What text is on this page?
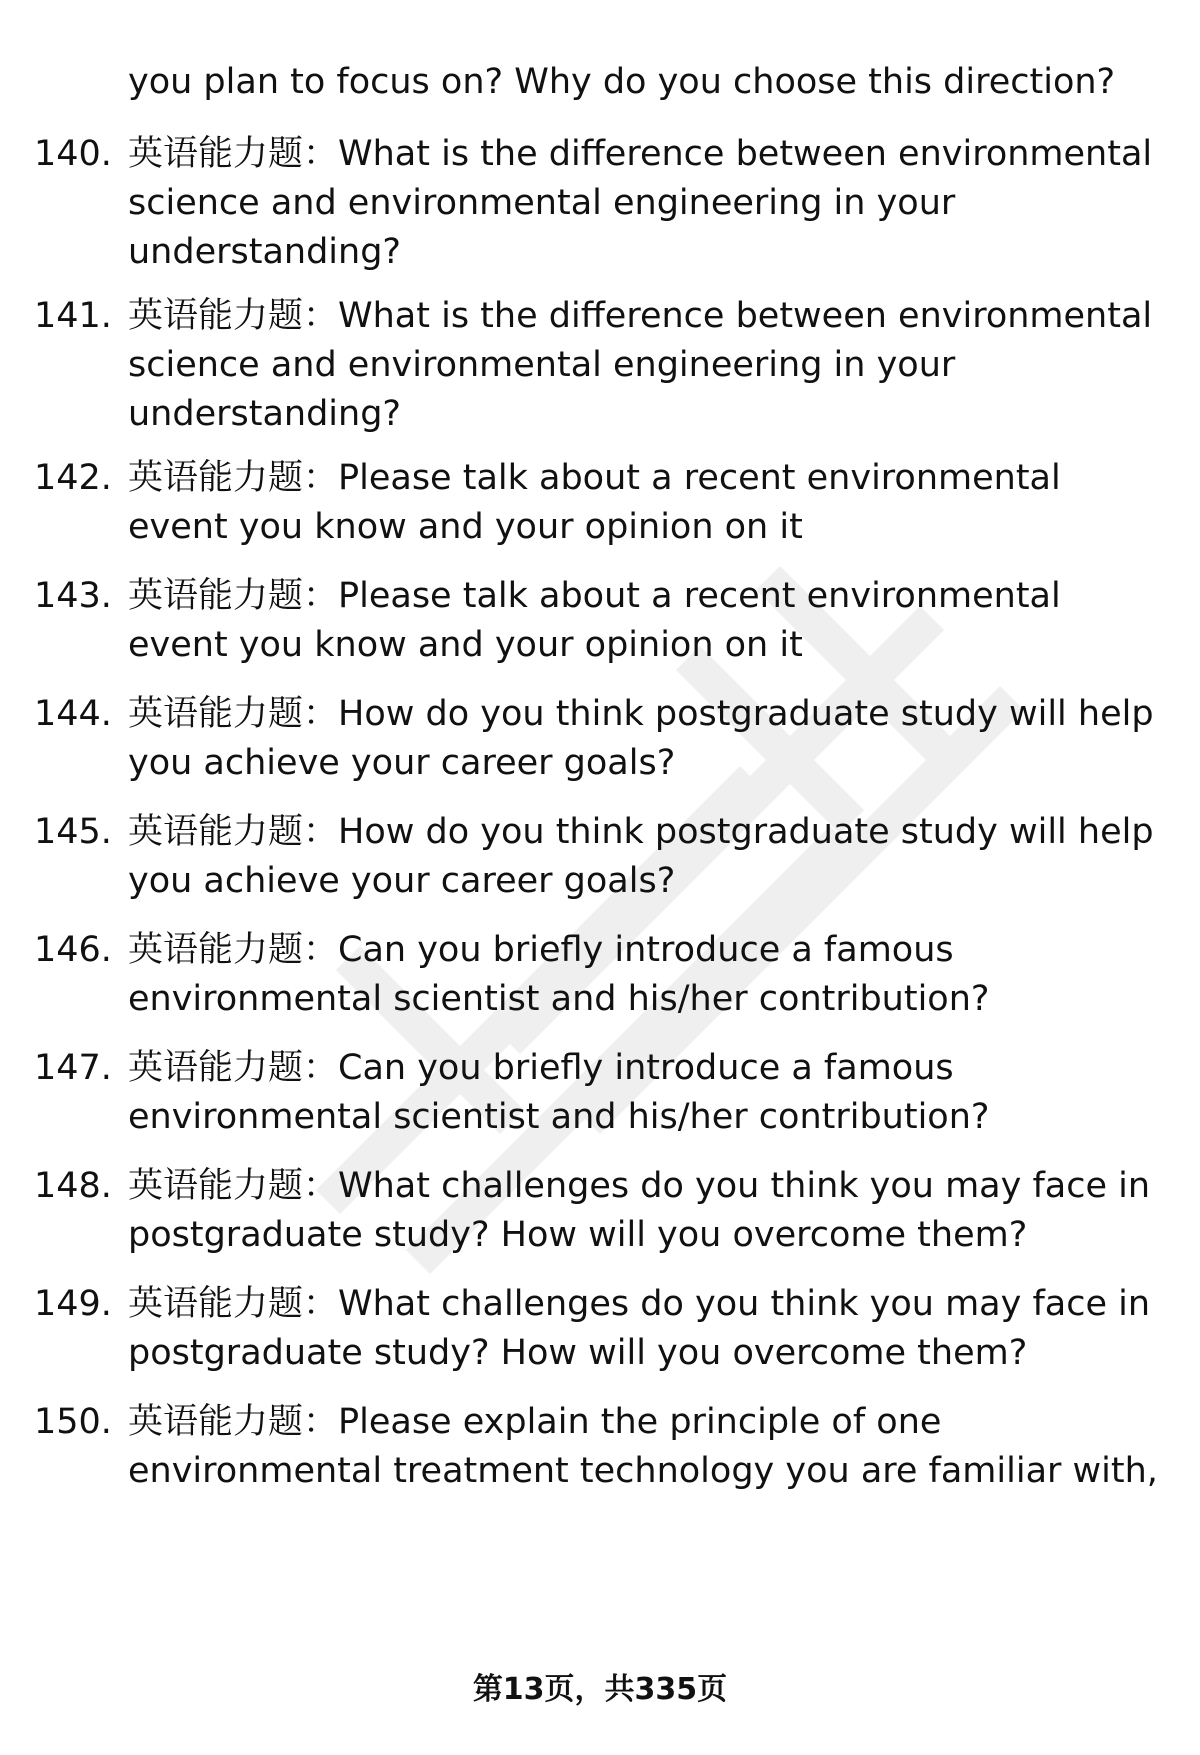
you plan to focus on? Why do you choose this direction?
140. 英语能力题：What is the difference between environmental science and environmental engineering in your understanding?
141. 英语能力题：What is the difference between environmental science and environmental engineering in your understanding?
142. 英语能力题：Please talk about a recent environmental event you know and your opinion on it
143. 英语能力题：Please talk about a recent environmental event you know and your opinion on it
144. 英语能力题：How do you think postgraduate study will help you achieve your career goals?
145. 英语能力题：How do you think postgraduate study will help you achieve your career goals?
146. 英语能力题：Can you briefly introduce a famous environmental scientist and his/her contribution?
147. 英语能力题：Can you briefly introduce a famous environmental scientist and his/her contribution?
148. 英语能力题：What challenges do you think you may face in postgraduate study? How will you overcome them?
149. 英语能力题：What challenges do you think you may face in postgraduate study? How will you overcome them?
150. 英语能力题：Please explain the principle of one environmental treatment technology you are familiar with,
第13页，共335页
